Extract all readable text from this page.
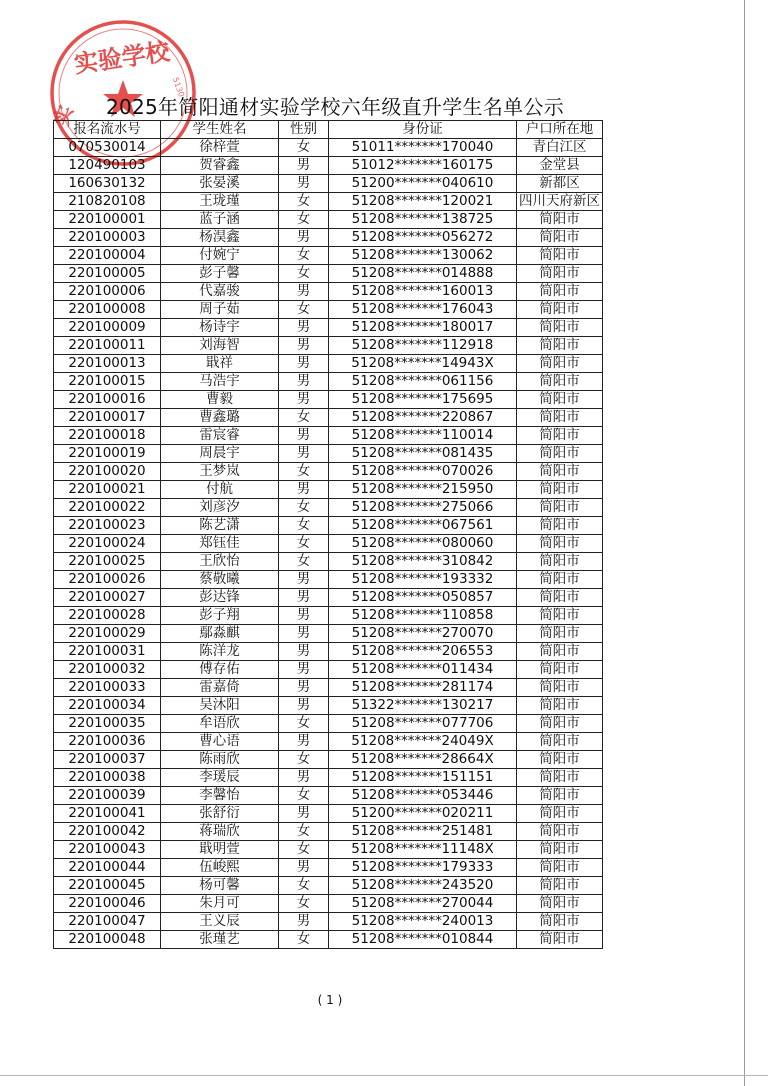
实验学校
实
5130
2025年简阳通材实验学校六年级直升学生名单公示
报名流水号	学生姓名	性别	身份证	户口所在地
070530014	徐梓萱	女	51011*******170040	青白江区
120490103	贺睿鑫	男	51012*******160175	金堂县
160630132	张晏溪	男	51200*******040610	新都区
210820108	王珑瑾	女	51208*******120021	四川天府新区
220100001	蓝子涵	女	51208*******138725	简阳市
220100003	杨淏鑫	男	51208*******056272	简阳市
220100004	付婉宁	女	51208*******130062	简阳市
220100005	彭子馨	女	51208*******014888	简阳市
220100006	代嘉骏	男	51208*******160013	简阳市
220100008	周子茹	女	51208*******176043	简阳市
220100009	杨诗宇	男	51208*******180017	简阳市
220100011	刘海智	男	51208*******112918	简阳市
220100013	戢祥	男	51208*******14943X	简阳市
220100015	马浩宇	男	51208*******061156	简阳市
220100016	曹毅	男	51208*******175695	简阳市
220100017	曹鑫璐	女	51208*******220867	简阳市
220100018	雷宸睿	男	51208*******110014	简阳市
220100019	周晨宇	男	51208*******081435	简阳市
220100020	王梦岚	女	51208*******070026	简阳市
220100021	付航	男	51208*******215950	简阳市
220100022	刘彦汐	女	51208*******275066	简阳市
220100023	陈艺潇	女	51208*******067561	简阳市
220100024	郑钰佳	女	51208*******080060	简阳市
220100025	王欣怡	女	51208*******310842	简阳市
220100026	蔡敬曦	男	51208*******193332	简阳市
220100027	彭达锋	男	51208*******050857	简阳市
220100028	彭子翔	男	51208*******110858	简阳市
220100029	鄢淼麒	男	51208*******270070	简阳市
220100031	陈洋龙	男	51208*******206553	简阳市
220100032	傅存佑	男	51208*******011434	简阳市
220100033	雷嘉倚	男	51208*******281174	简阳市
220100034	吴沐阳	男	51322*******130217	简阳市
220100035	牟语欣	女	51208*******077706	简阳市
220100036	曹心语	男	51208*******24049X	简阳市
220100037	陈雨欣	女	51208*******28664X	简阳市
220100038	李瑗辰	男	51208*******151151	简阳市
220100039	李馨怡	女	51208*******053446	简阳市
220100041	张舒衍	男	51200*******020211	简阳市
220100042	蒋瑞欣	女	51208*******251481	简阳市
220100043	戢明萱	女	51208*******11148X	简阳市
220100044	伍峻熙	男	51208*******179333	简阳市
220100045	杨可馨	女	51208*******243520	简阳市
220100046	朱月可	女	51208*******270044	简阳市
220100047	王义辰	男	51208*******240013	简阳市
220100048	张瑾艺	女	51208*******010844	简阳市
( 1 )
